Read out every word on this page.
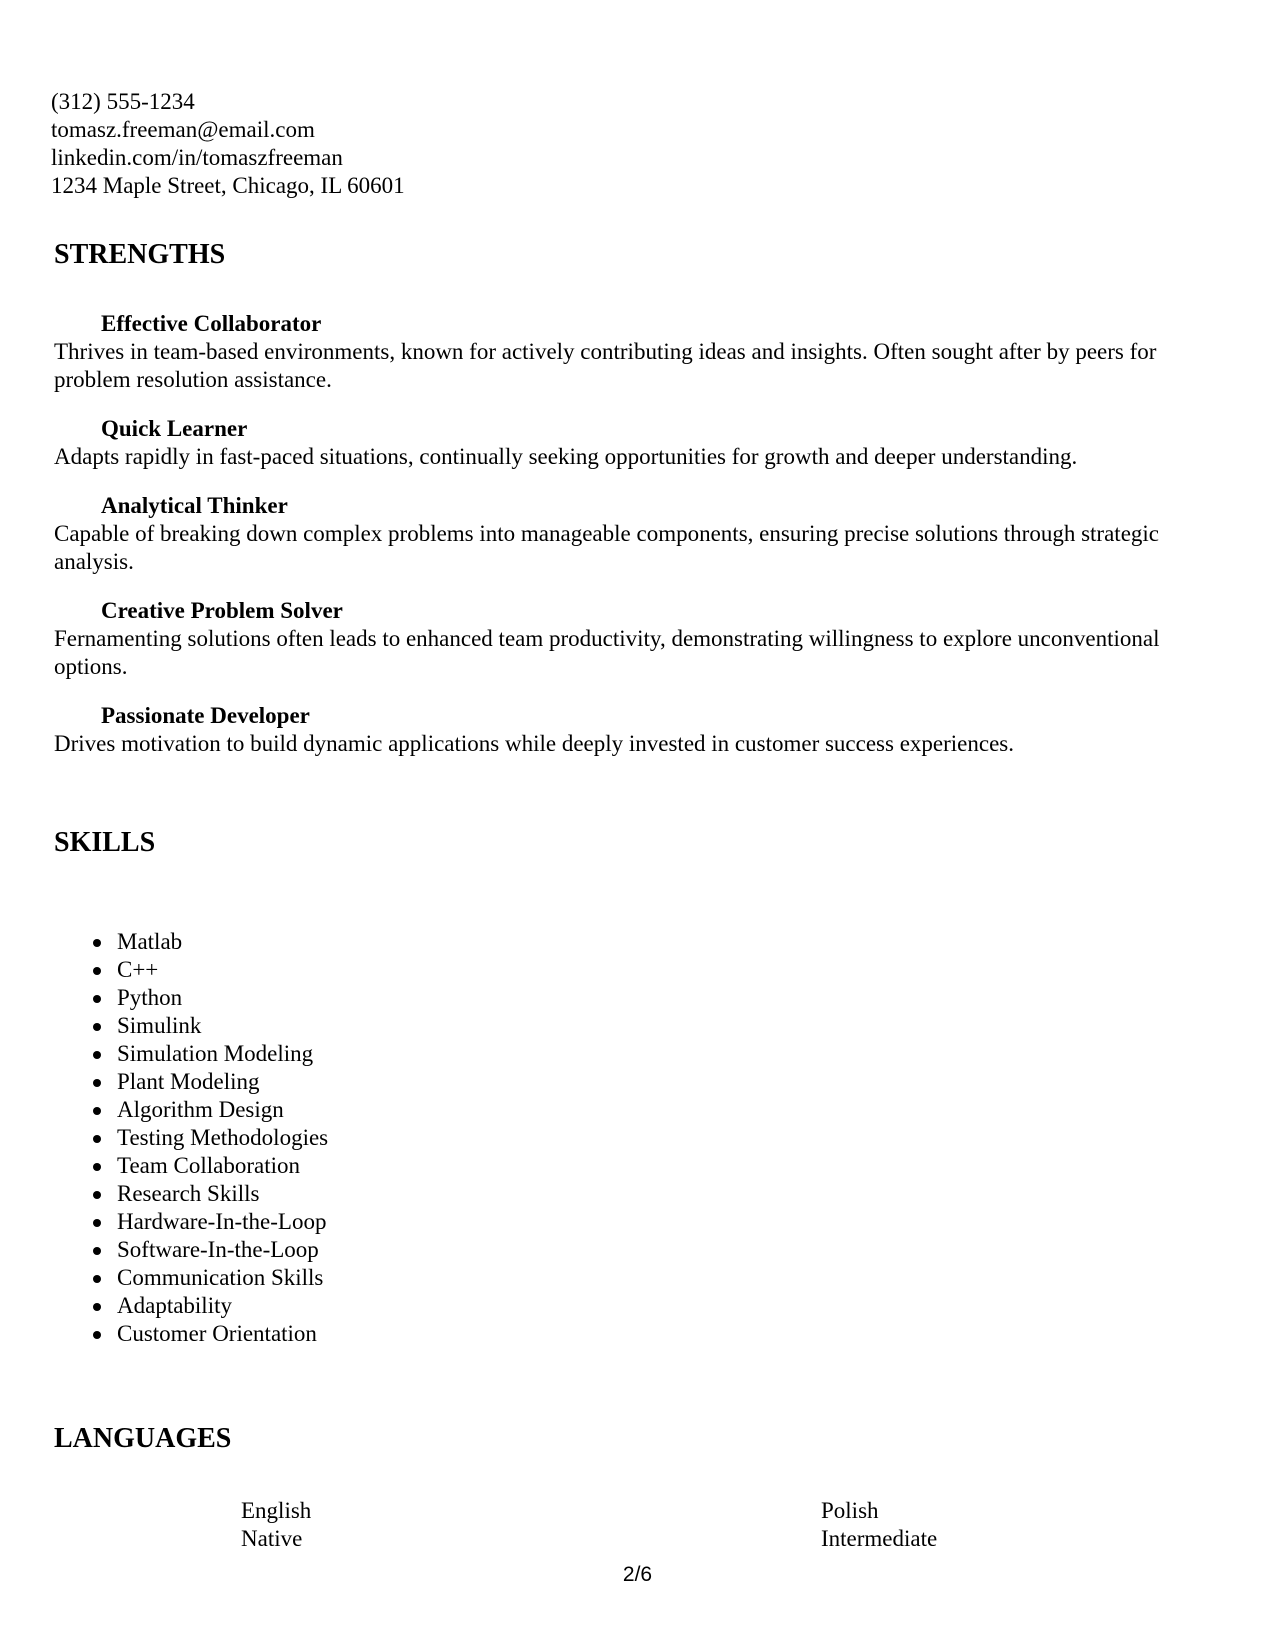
(312) 555-1234
tomasz.freeman@email.com
linkedin.com/in/tomaszfreeman
1234 Maple Street, Chicago, IL 60601
STRENGTHS
Effective Collaborator
Thrives in team-based environments, known for actively contributing ideas and insights. Often sought after by peers for problem resolution assistance.
Quick Learner
Adapts rapidly in fast-paced situations, continually seeking opportunities for growth and deeper understanding.
Analytical Thinker
Capable of breaking down complex problems into manageable components, ensuring precise solutions through strategic analysis.
Creative Problem Solver
Fernamenting solutions often leads to enhanced team productivity, demonstrating willingness to explore unconventional options.
Passionate Developer
Drives motivation to build dynamic applications while deeply invested in customer success experiences.
SKILLS
Matlab
C++
Python
Simulink
Simulation Modeling
Plant Modeling
Algorithm Design
Testing Methodologies
Team Collaboration
Research Skills
Hardware-In-the-Loop
Software-In-the-Loop
Communication Skills
Adaptability
Customer Orientation
LANGUAGES
English
Native
Polish
Intermediate
2/6
